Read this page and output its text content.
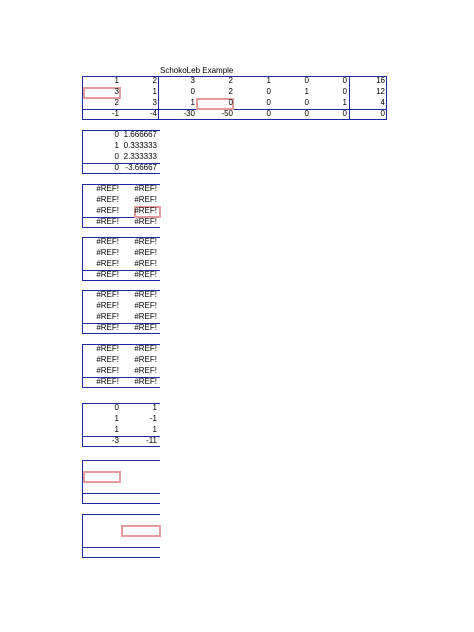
SchokoLeb Example
1	2	3	2	1	0	0	16
3	1	0	2	0	1	0	12
2	3	1	0	0	0	1	4
-1	-4	-30	-50	0	0	0	0
0 1.666667
1 0.333333
0 2.333333
0 -3.66667
#REF! #REF!
#REF! #REF!
#REF! #REF!
#REF! #REF!
#REF! #REF!
#REF! #REF!
#REF! #REF!
#REF! #REF!
#REF! #REF!
#REF! #REF!
#REF! #REF!
#REF! #REF!
#REF! #REF!
#REF! #REF!
#REF! #REF!
#REF! #REF!
0	1
1	-1
1	1
-3	-11
